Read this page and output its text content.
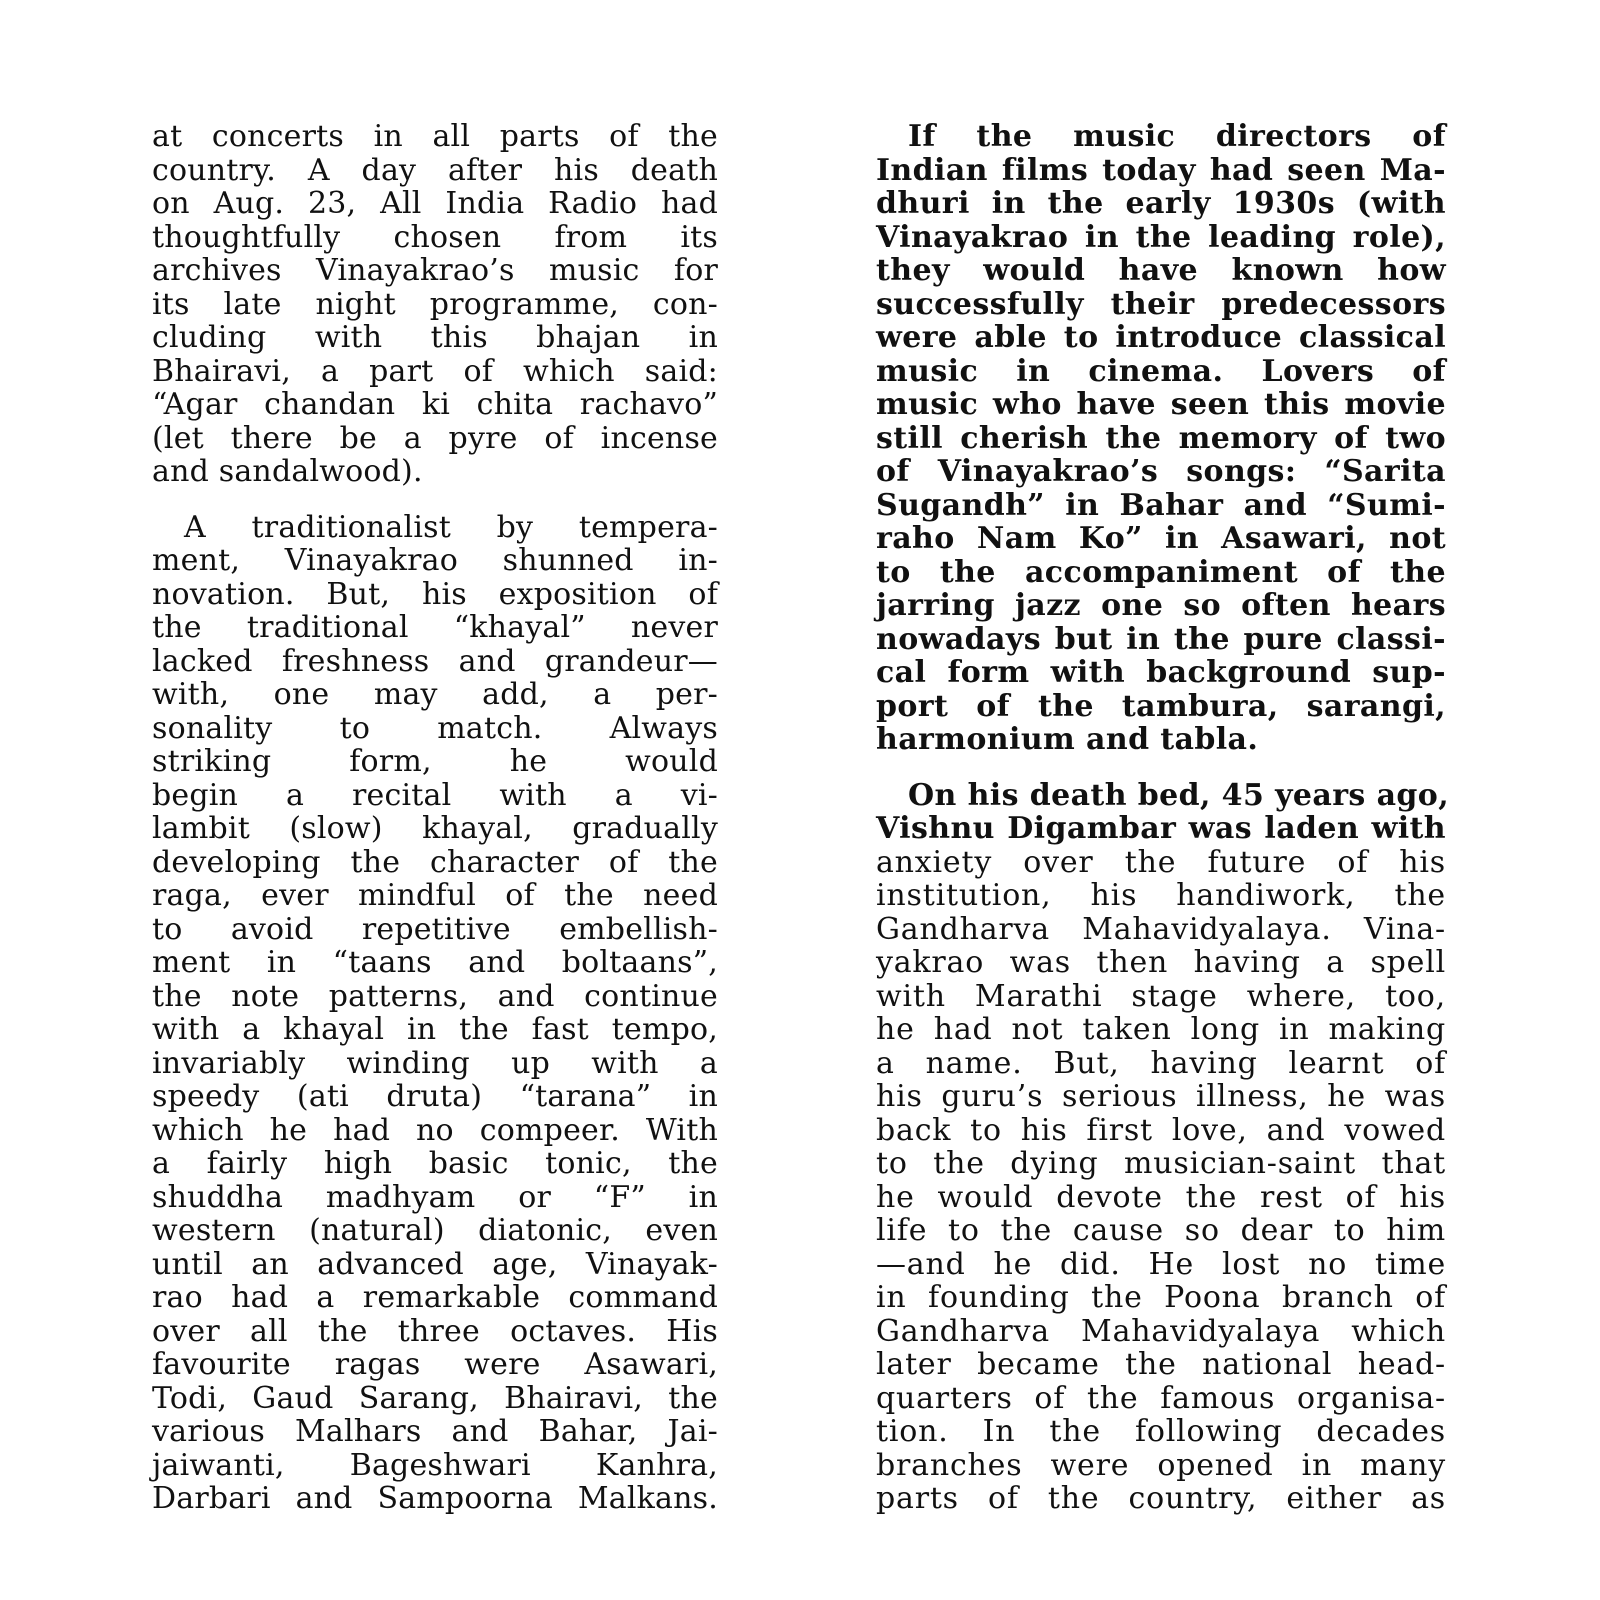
at concerts in all parts of the
country. A day after his death
on Aug. 23, All India Radio had
thoughtfully chosen from its
archives Vinayakrao’s music for
its late night programme, con-
cluding with this bhajan in
Bhairavi, a part of which said:
“Agar chandan ki chita rachavo”
(let there be a pyre of incense
and sandalwood).
A traditionalist by tempera-
ment, Vinayakrao shunned in-
novation. But, his exposition of
the traditional “khayal” never
lacked freshness and grandeur—
with, one may add, a per-
sonality to match. Always
striking form, he would
begin a recital with a vi-
lambit (slow) khayal, gradually
developing the character of the
raga, ever mindful of the need
to avoid repetitive embellish-
ment in “taans and boltaans”,
the note patterns, and continue
with a khayal in the fast tempo,
invariably winding up with a
speedy (ati druta) “tarana” in
which he had no compeer. With
a fairly high basic tonic, the
shuddha madhyam or “F” in
western (natural) diatonic, even
until an advanced age, Vinayak-
rao had a remarkable command
over all the three octaves. His
favourite ragas were Asawari,
Todi, Gaud Sarang, Bhairavi, the
various Malhars and Bahar, Jai-
jaiwanti, Bageshwari Kanhra,
Darbari and Sampoorna Malkans.
If the music directors of
Indian films today had seen Ma-
dhuri in the early 1930s (with
Vinayakrao in the leading role),
they would have known how
successfully their predecessors
were able to introduce classical
music in cinema. Lovers of
music who have seen this movie
still cherish the memory of two
of Vinayakrao’s songs: “Sarita
Sugandh” in Bahar and “Sumi-
raho Nam Ko” in Asawari, not
to the accompaniment of the
jarring jazz one so often hears
nowadays but in the pure classi-
cal form with background sup-
port of the tambura, sarangi,
harmonium and tabla.
On his death bed, 45 years ago,
Vishnu Digambar was laden with
anxiety over the future of his
institution, his handiwork, the
Gandharva Mahavidyalaya. Vina-
yakrao was then having a spell
with Marathi stage where, too,
he had not taken long in making
a name. But, having learnt of
his guru’s serious illness, he was
back to his first love, and vowed
to the dying musician-saint that
he would devote the rest of his
life to the cause so dear to him
—and he did. He lost no time
in founding the Poona branch of
Gandharva Mahavidyalaya which
later became the national head-
quarters of the famous organisa-
tion. In the following decades
branches were opened in many
parts of the country, either as
